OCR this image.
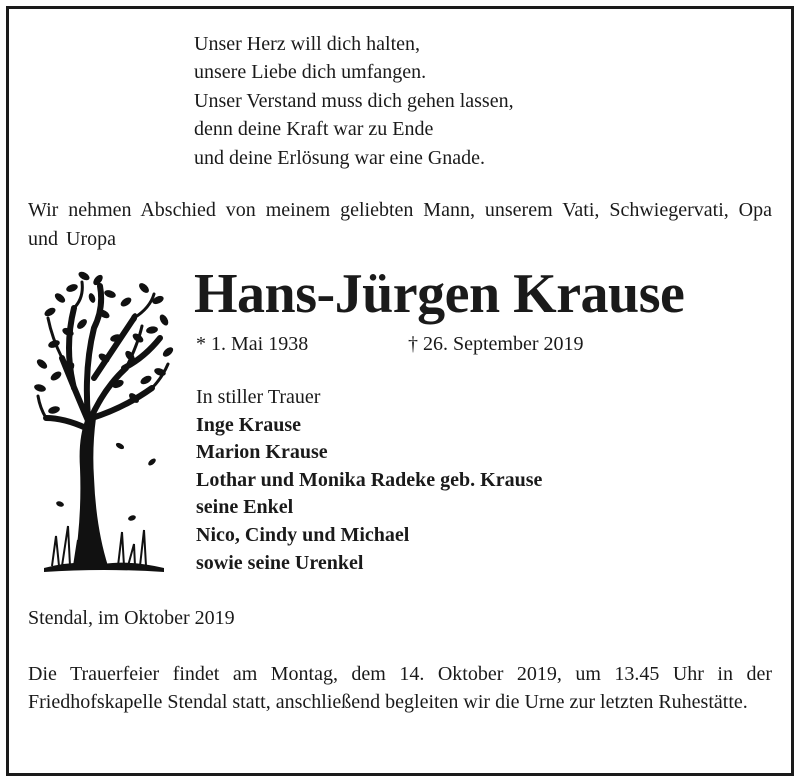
Unser Herz will dich halten,
unsere Liebe dich umfangen.
Unser Verstand muss dich gehen lassen,
denn deine Kraft war zu Ende
und deine Erlösung war eine Gnade.
Wir nehmen Abschied von meinem geliebten Mann, unserem Vati, Schwiegervati, Opa und Uropa
Hans-Jürgen Krause
* 1. Mai 1938	† 26. September 2019
In stiller Trauer
Inge Krause
Marion Krause
Lothar und Monika Radeke geb. Krause
seine Enkel
Nico, Cindy und Michael
sowie seine Urenkel
Stendal, im Oktober 2019
Die Trauerfeier findet am Montag, dem 14. Oktober 2019, um 13.45 Uhr in der Friedhofskapelle Stendal statt, anschließend begleiten wir die Urne zur letzten Ruhestätte.
